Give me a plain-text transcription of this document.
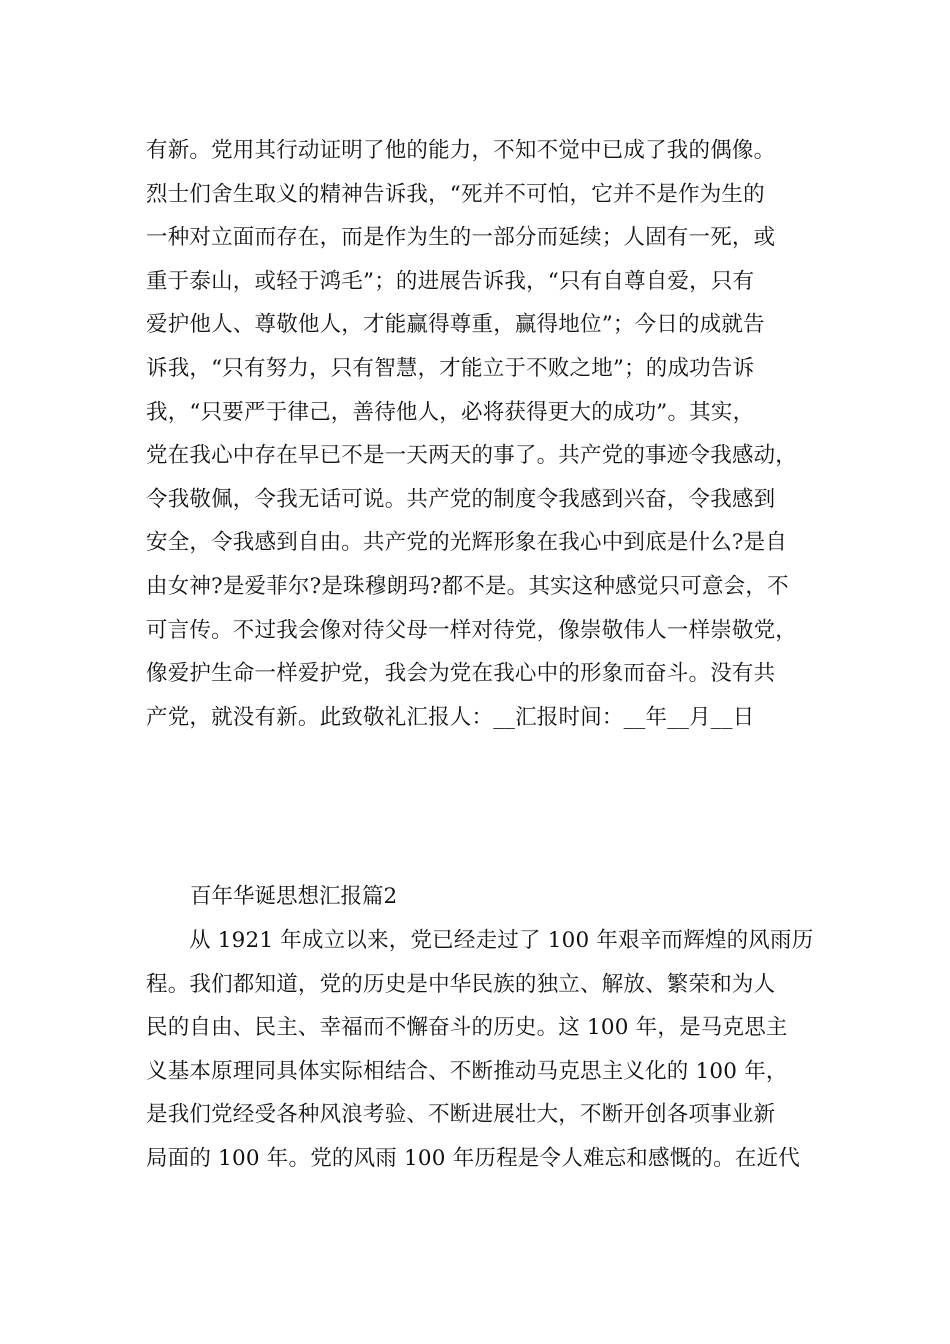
有新。党用其行动证明了他的能力，不知不觉中已成了我的偶像。
烈士们舍生取义的精神告诉我，“死并不可怕，它并不是作为生的
一种对立面而存在，而是作为生的一部分而延续；人固有一死，或
重于泰山，或轻于鸿毛”；的进展告诉我，“只有自尊自爱，只有
爱护他人、尊敬他人，才能赢得尊重，赢得地位”；今日的成就告
诉我，“只有努力，只有智慧，才能立于不败之地”；的成功告诉
我，“只要严于律己，善待他人，必将获得更大的成功”。其实，
党在我心中存在早已不是一天两天的事了。共产党的事迹令我感动，
令我敬佩，令我无话可说。共产党的制度令我感到兴奋，令我感到
安全，令我感到自由。共产党的光辉形象在我心中到底是什么?是自
由女神?是爱菲尔?是珠穆朗玛?都不是。其实这种感觉只可意会，不
可言传。不过我会像对待父母一样对待党，像崇敬伟人一样崇敬党，
像爱护生命一样爱护党，我会为党在我心中的形象而奋斗。没有共
产党，就没有新。此致敬礼汇报人：__汇报时间：__年__月__日
百年华诞思想汇报篇2
从 1921 年成立以来，党已经走过了 100 年艰辛而辉煌的风雨历
程。我们都知道，党的历史是中华民族的独立、解放、繁荣和为人
民的自由、民主、幸福而不懈奋斗的历史。这 100 年，是马克思主
义基本原理同具体实际相结合、不断推动马克思主义化的 100 年，
是我们党经受各种风浪考验、不断进展壮大，不断开创各项事业新
局面的 100 年。党的风雨 100 年历程是令人难忘和感慨的。在近代
